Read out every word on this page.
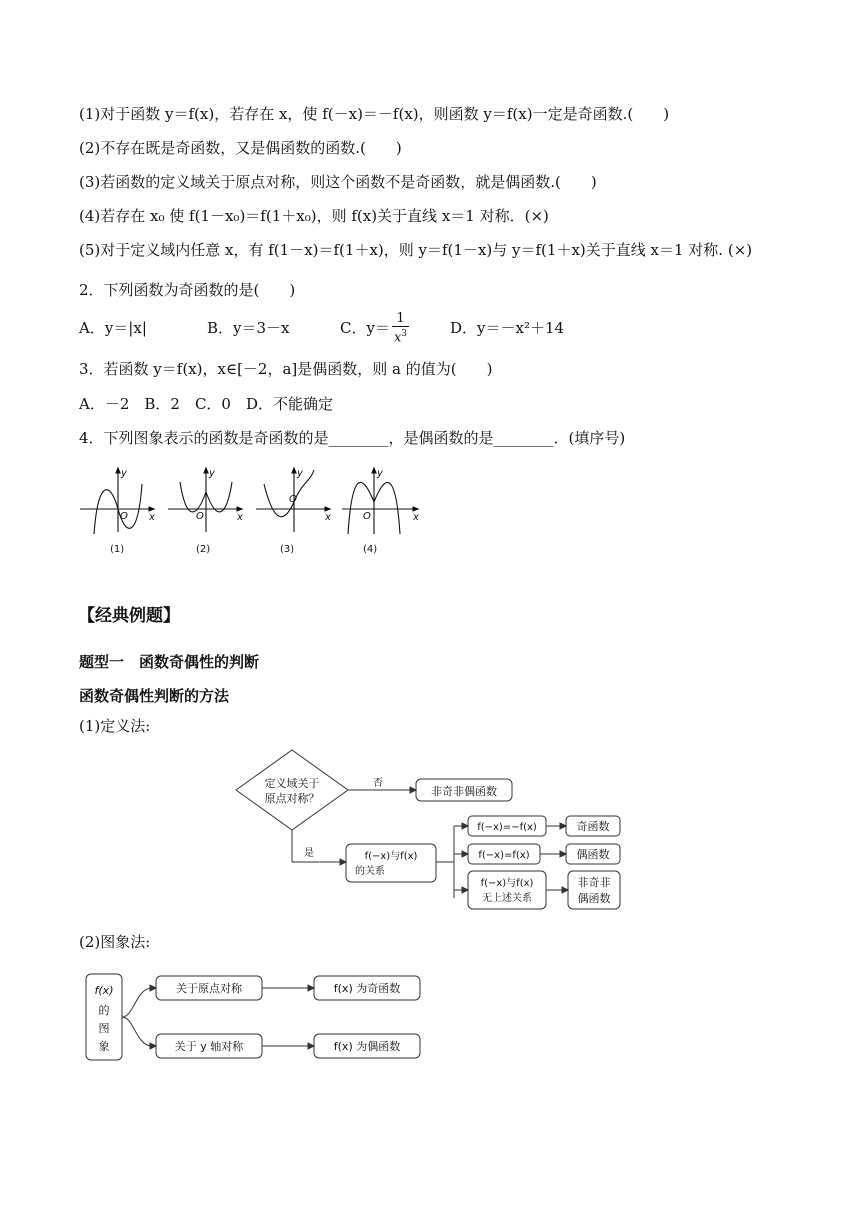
(1)对于函数 y＝f(x)，若存在 x，使 f(－x)＝－f(x)，则函数 y＝f(x)一定是奇函数.(　　)
(2)不存在既是奇函数，又是偶函数的函数.(　　)
(3)若函数的定义域关于原点对称，则这个函数不是奇函数，就是偶函数.(　　)
(4)若存在 x₀ 使 f(1－x₀)＝f(1＋x₀)，则 f(x)关于直线 x＝1 对称．(×)
(5)对于定义域内任意 x，有 f(1－x)＝f(1＋x)，则 y＝f(1－x)与 y＝f(1＋x)关于直线 x＝1 对称. (×)
2．下列函数为奇函数的是(　　)
A．y＝|x|	B．y＝3－x	C．$y= \frac{1}{x^3}$	D．y＝－x²＋14
3．若函数 y＝f(x)，x∈[－2，a]是偶函数，则 a 的值为(　　)
A．－2　B．2　C．0　D．不能确定
4．下列图象表示的函数是奇函数的是________，是偶函数的是________．(填序号)
y
x
O
y
x
O
y
x
O
y
x
O
(1)	(2)	(3)	(4)
【经典例题】
题型一　函数奇偶性的判断
函数奇偶性判断的方法
(1)定义法:
定义域关于
原点对称？
否
是
非奇非偶函数
f(−x)与f(x)
的关系
f(−x)=−f(x)
f(−x)=f(x)
f(−x)与f(x)
无上述关系
奇函数
偶函数
非奇非
偶函数
(2)图象法:
f(x)
的
图
象
关于原点对称
关于 y 轴对称
f(x) 为奇函数
f(x) 为偶函数
